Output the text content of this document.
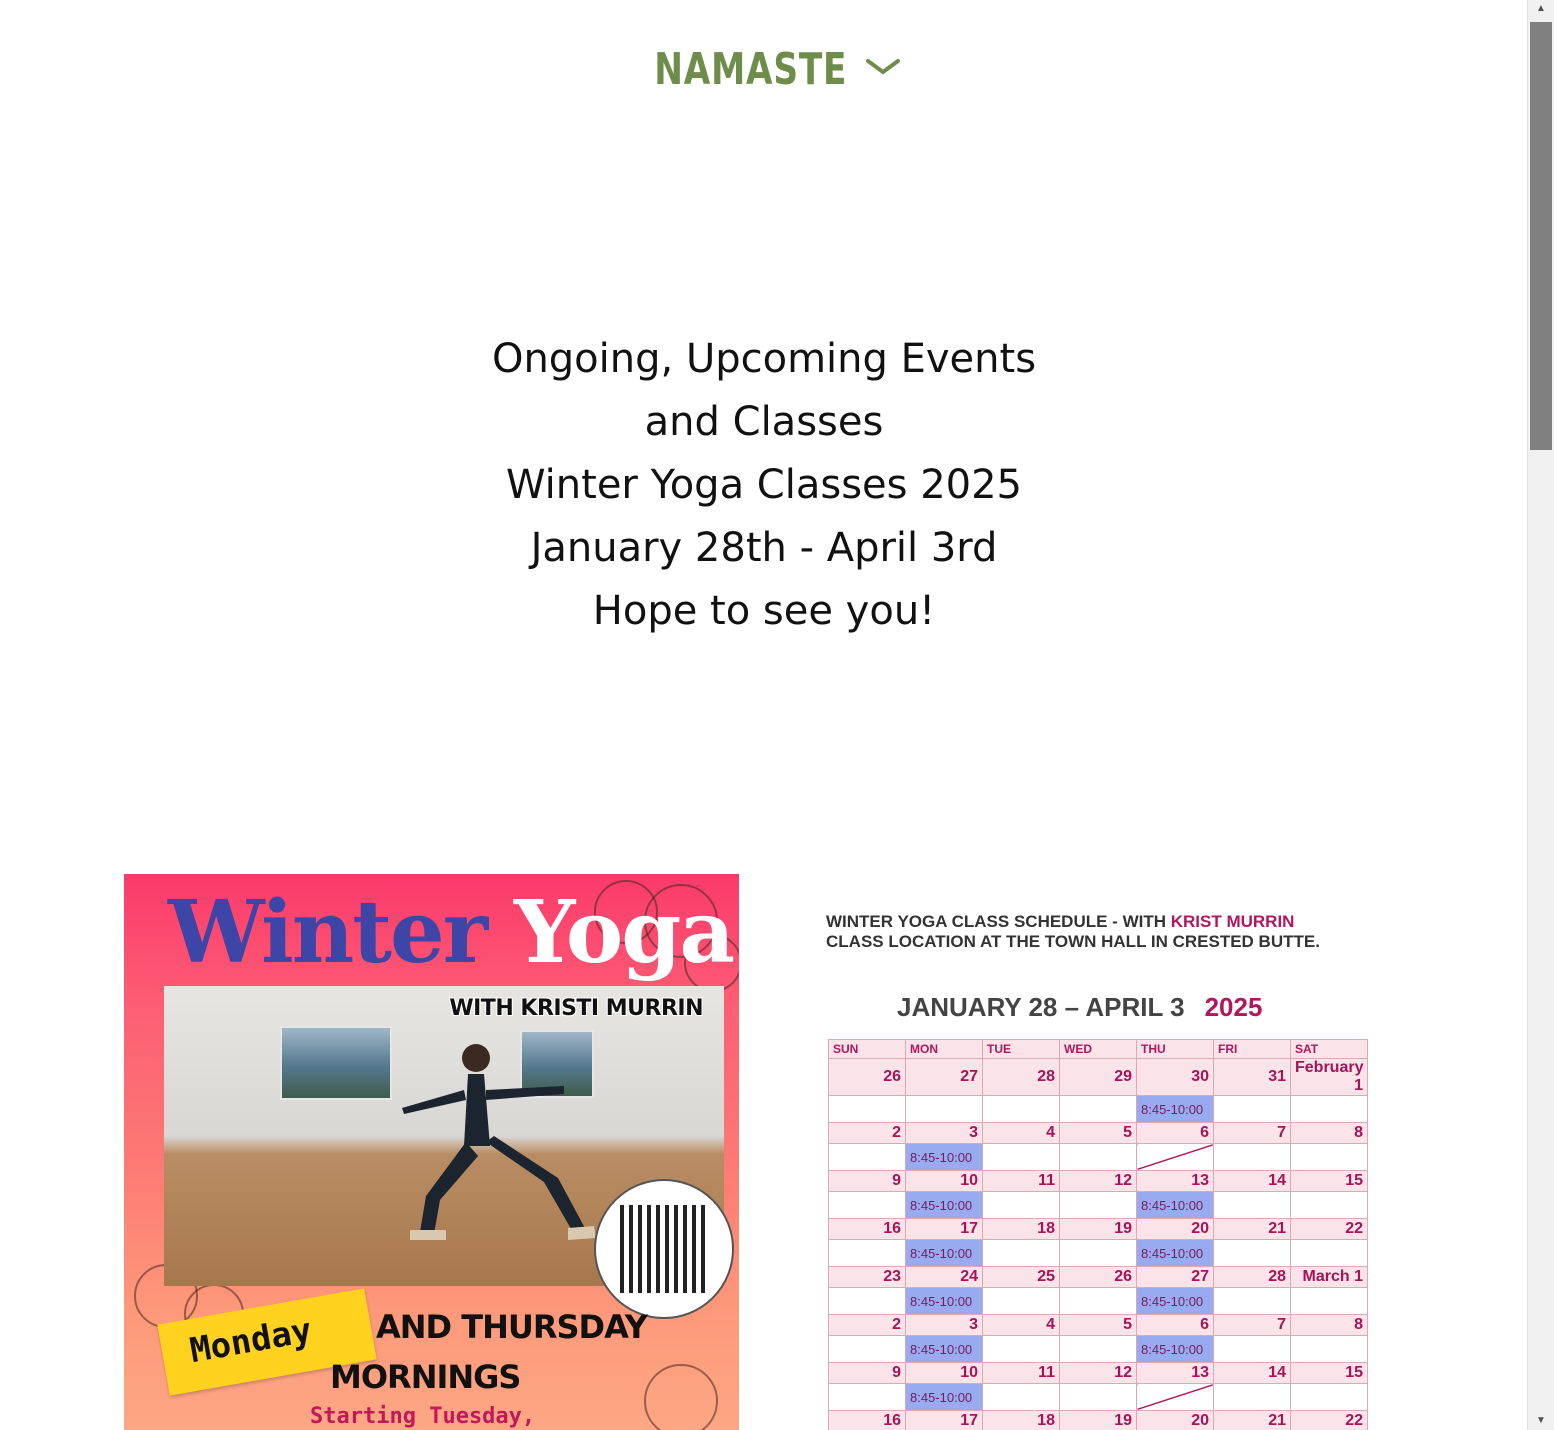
NAMASTE

Ongoing, Upcoming Events

and Classes

Winter Yoga Classes 2025

January 28th - April 3rd

Hope to see you!

Winter Yoga
WITH KRISTI MURRIN
Monday	AND THURSDAY
MORNINGS
Starting Tuesday,
WINTER YOGA CLASS SCHEDULE - WITH KRIST MURRIN
CLASS LOCATION AT THE TOWN HALL IN CRESTED BUTTE.
JANUARY 28 – APRIL 3 2025
SUN	MON	TUE	WED	THU	FRI	SAT
26	27	28	29	30	31	February 1
				8:45-10:00		
2	3	4	5	6	7	8
	8:45-10:00					
9	10	11	12	13	14	15
	8:45-10:00			8:45-10:00		
16	17	18	19	20	21	22
	8:45-10:00			8:45-10:00		
23	24	25	26	27	28	March 1
	8:45-10:00			8:45-10:00		
2	3	4	5	6	7	8
	8:45-10:00			8:45-10:00		
9	10	11	12	13	14	15
	8:45-10:00					
16	17	18	19	20	21	22

▲
▼
